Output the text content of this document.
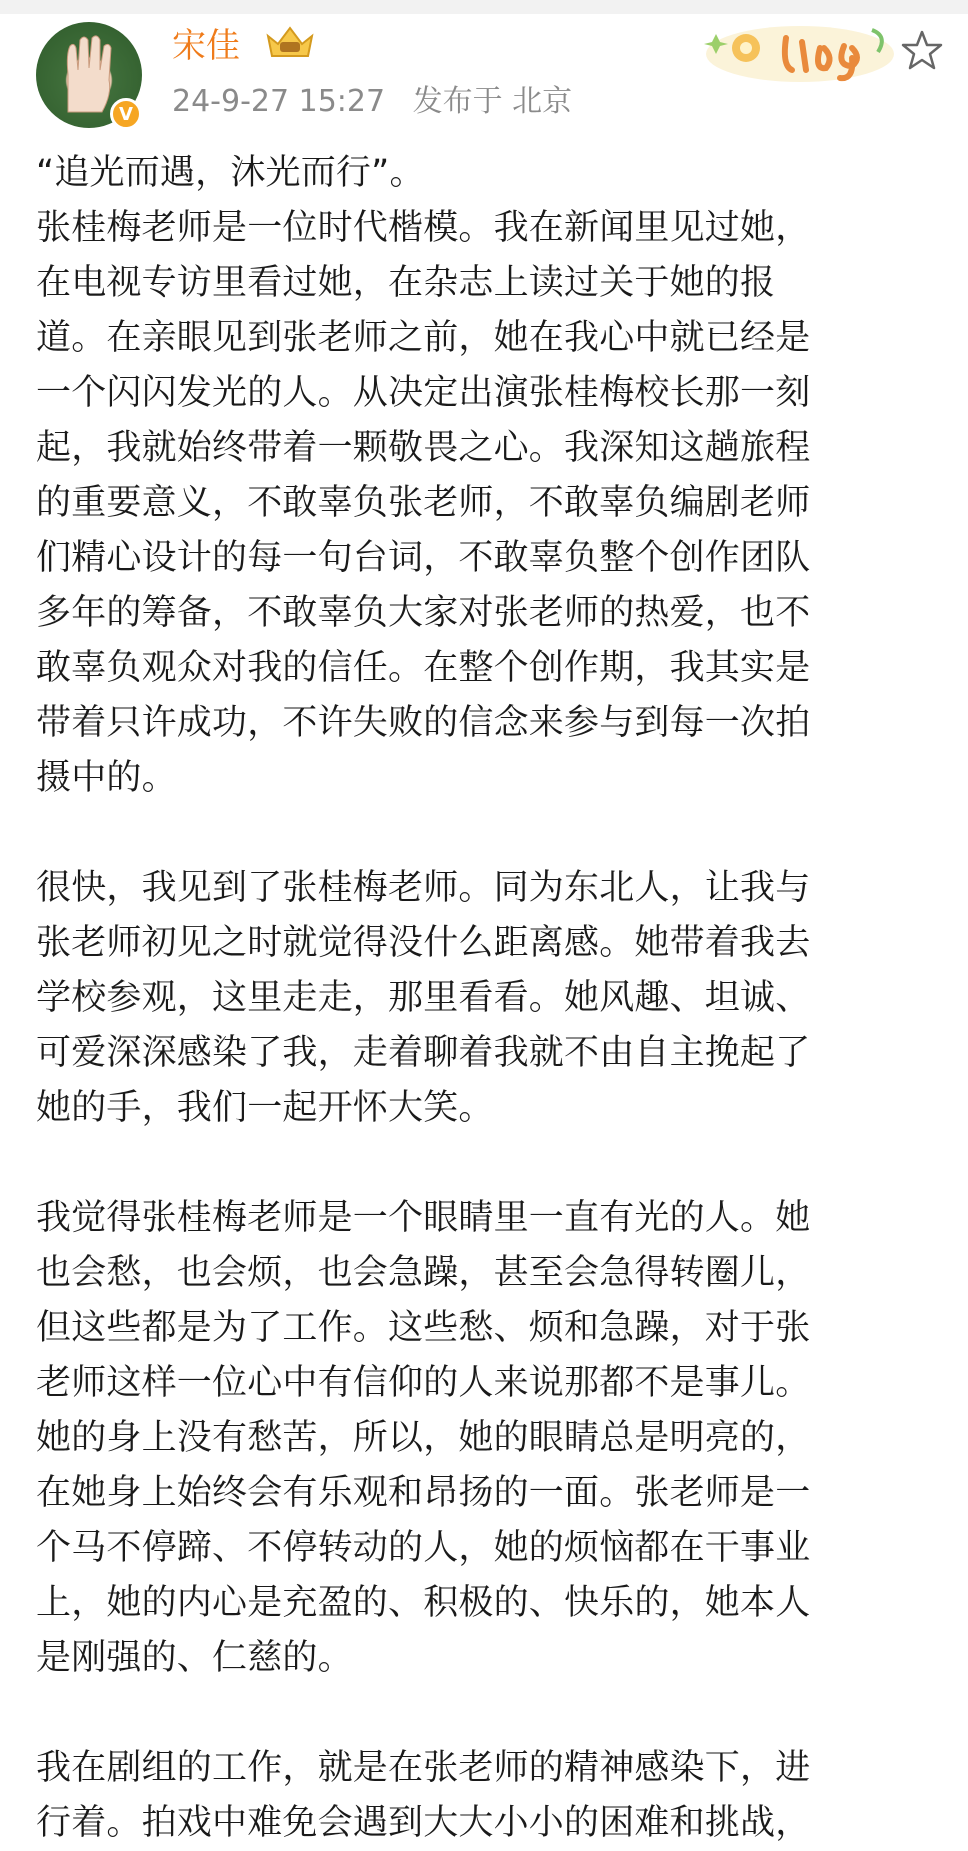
V
宋佳
24-9-27 15:27 发布于 北京

“追光而遇，沐光而行”。

张桂梅老师是一位时代楷模。我在新闻里见过她，

在电视专访里看过她，在杂志上读过关于她的报

道。在亲眼见到张老师之前，她在我心中就已经是

一个闪闪发光的人。从决定出演张桂梅校长那一刻

起，我就始终带着一颗敬畏之心。我深知这趟旅程

的重要意义，不敢辜负张老师，不敢辜负编剧老师

们精心设计的每一句台词，不敢辜负整个创作团队

多年的筹备，不敢辜负大家对张老师的热爱，也不

敢辜负观众对我的信任。在整个创作期，我其实是

带着只许成功，不许失败的信念来参与到每一次拍

摄中的。

很快，我见到了张桂梅老师。同为东北人，让我与

张老师初见之时就觉得没什么距离感。她带着我去

学校参观，这里走走，那里看看。她风趣、坦诚、

可爱深深感染了我，走着聊着我就不由自主挽起了

她的手，我们一起开怀大笑。

我觉得张桂梅老师是一个眼睛里一直有光的人。她

也会愁，也会烦，也会急躁，甚至会急得转圈儿，

但这些都是为了工作。这些愁、烦和急躁，对于张

老师这样一位心中有信仰的人来说那都不是事儿。

她的身上没有愁苦，所以，她的眼睛总是明亮的，

在她身上始终会有乐观和昂扬的一面。张老师是一

个马不停蹄、不停转动的人，她的烦恼都在干事业

上，她的内心是充盈的、积极的、快乐的，她本人

是刚强的、仁慈的。

我在剧组的工作，就是在张老师的精神感染下，进

行着。拍戏中难免会遇到大大小小的困难和挑战，
